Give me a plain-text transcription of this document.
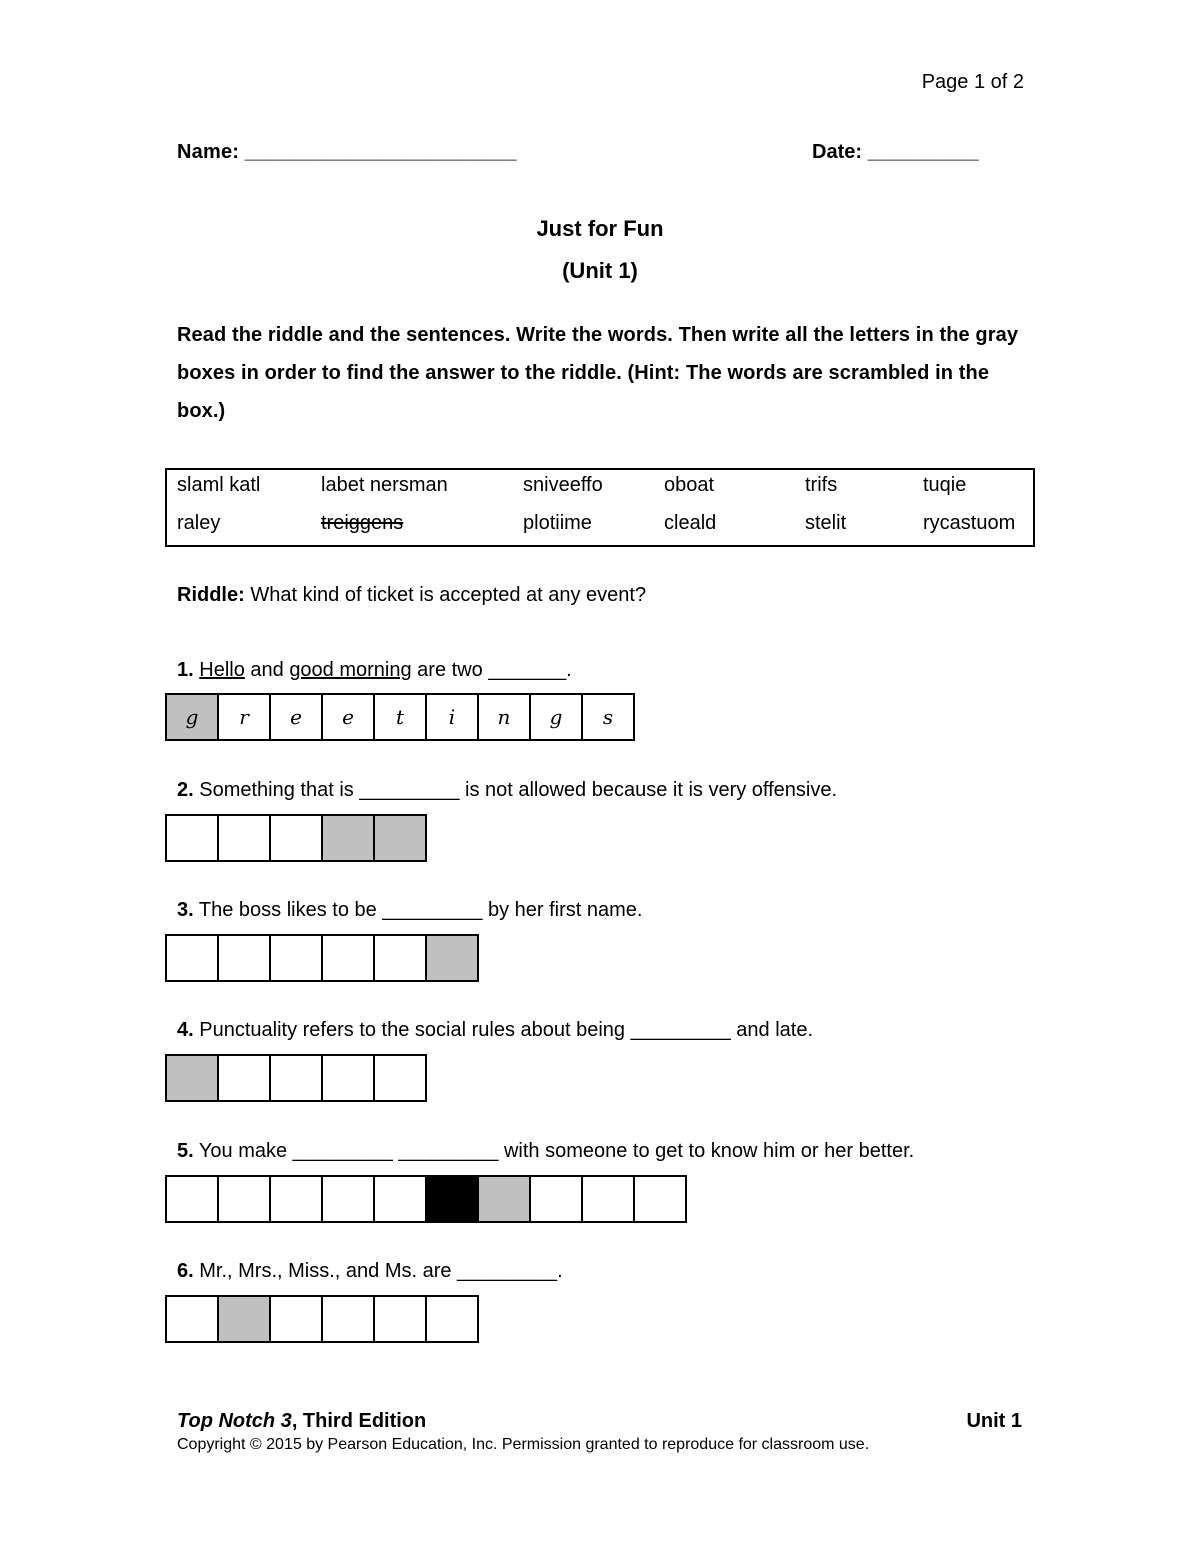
Page 1 of 2
Name: ________________________	Date: __________
Just for Fun
(Unit 1)
Read the riddle and the sentences. Write the words. Then write all the letters in the gray boxes in order to find the answer to the riddle. (Hint: The words are scrambled in the box.)
slaml katl	labet nersman	sniveeffo	oboat	trifs	tuqie
raley	treiggens	plotiime	cleald	stelit	rycastuom
Riddle: What kind of ticket is accepted at any event?
1. Hello and good morning are two _______.
g	r	e	e	t	i	n	g	s
2. Something that is _________ is not allowed because it is very offensive.
3. The boss likes to be _________ by her first name.
4. Punctuality refers to the social rules about being _________ and late.
5. You make _________ _________ with someone to get to know him or her better.
6. Mr., Mrs., Miss., and Ms. are _________.
Top Notch 3, Third Edition	Unit 1
Copyright © 2015 by Pearson Education, Inc. Permission granted to reproduce for classroom use.
